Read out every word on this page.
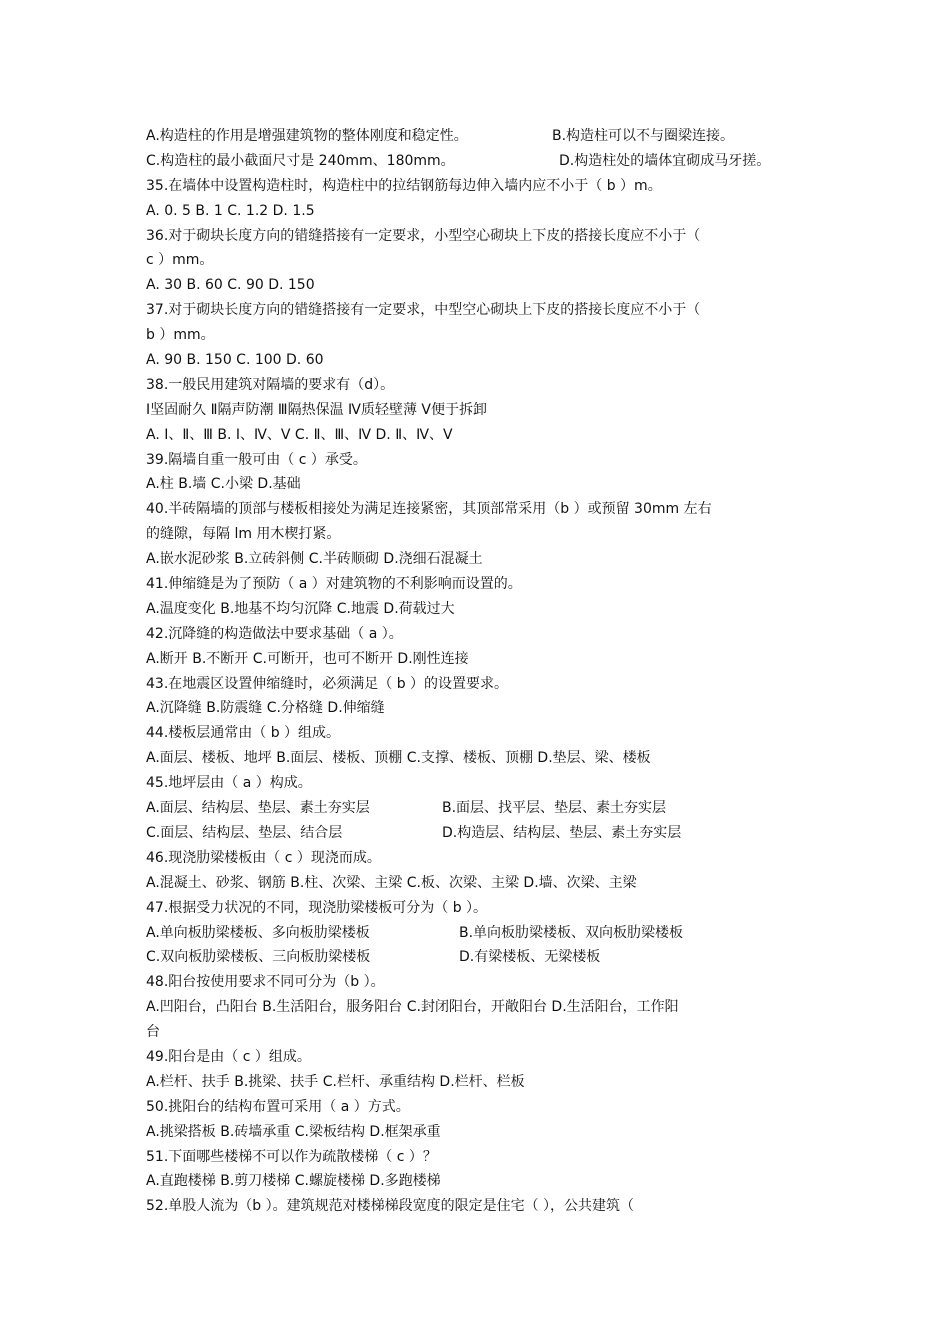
A.构造柱的作用是增强建筑物的整体刚度和稳定性。	B.构造柱可以不与圈梁连接。
C.构造柱的最小截面尺寸是 240mm、180mm。	D.构造柱处的墙体宜砌成马牙搓。
35.在墙体中设置构造柱时，构造柱中的拉结钢筋每边伸入墙内应不小于（ b ）m。
A. 0. 5 B. 1 C. 1.2 D. 1.5
36.对于砌块长度方向的错缝搭接有一定要求，小型空心砌块上下皮的搭接长度应不小于（
c ）mm。
A. 30 B. 60 C. 90 D. 150
37.对于砌块长度方向的错缝搭接有一定要求，中型空心砌块上下皮的搭接长度应不小于（
b ）mm。
A. 90 B. 150 C. 100 D. 60
38.一般民用建筑对隔墙的要求有（d）。
Ⅰ坚固耐久 Ⅱ隔声防潮 Ⅲ隔热保温 Ⅳ质轻壁薄 Ⅴ便于拆卸
A. Ⅰ、Ⅱ、Ⅲ B. Ⅰ、Ⅳ、Ⅴ C. Ⅱ、Ⅲ、Ⅳ D. Ⅱ、Ⅳ、Ⅴ
39.隔墙自重一般可由（ c ）承受。
A.柱 B.墙 C.小梁 D.基础
40.半砖隔墙的顶部与楼板相接处为满足连接紧密，其顶部常采用（b ）或预留 30mm 左右
的缝隙，每隔 lm 用木楔打紧。
A.嵌水泥砂浆 B.立砖斜侧 C.半砖顺砌 D.浇细石混凝土
41.伸缩缝是为了预防（ a ）对建筑物的不利影响而设置的。
A.温度变化 B.地基不均匀沉降 C.地震 D.荷载过大
42.沉降缝的构造做法中要求基础（ a ）。
A.断开 B.不断开 C.可断开，也可不断开 D.刚性连接
43.在地震区设置伸缩缝时，必须满足（ b ）的设置要求。
A.沉降缝 B.防震缝 C.分格缝 D.伸缩缝
44.楼板层通常由（ b ）组成。
A.面层、楼板、地坪 B.面层、楼板、顶棚 C.支撑、楼板、顶棚 D.垫层、梁、楼板
45.地坪层由（ a ）构成。
A.面层、结构层、垫层、素土夯实层	B.面层、找平层、垫层、素土夯实层
C.面层、结构层、垫层、结合层	D.构造层、结构层、垫层、素土夯实层
46.现浇肋梁楼板由（ c ）现浇而成。
A.混凝土、砂浆、钢筋 B.柱、次梁、主梁 C.板、次梁、主梁 D.墙、次梁、主梁
47.根据受力状况的不同，现浇肋梁楼板可分为（ b ）。
A.单向板肋梁楼板、多向板肋梁楼板	B.单向板肋梁楼板、双向板肋梁楼板
C.双向板肋梁楼板、三向板肋梁楼板	D.有梁楼板、无梁楼板
48.阳台按使用要求不同可分为（b ）。
A.凹阳台，凸阳台 B.生活阳台，服务阳台 C.封闭阳台，开敞阳台 D.生活阳台，工作阳
台
49.阳台是由（ c ）组成。
A.栏杆、扶手 B.挑梁、扶手 C.栏杆、承重结构 D.栏杆、栏板
50.挑阳台的结构布置可采用（ a ）方式。
A.挑梁搭板 B.砖墙承重 C.梁板结构 D.框架承重
51.下面哪些楼梯不可以作为疏散楼梯（ c ）？
A.直跑楼梯 B.剪刀楼梯 C.螺旋楼梯 D.多跑楼梯
52.单股人流为（b ）。建筑规范对楼梯梯段宽度的限定是住宅（ ），公共建筑（
